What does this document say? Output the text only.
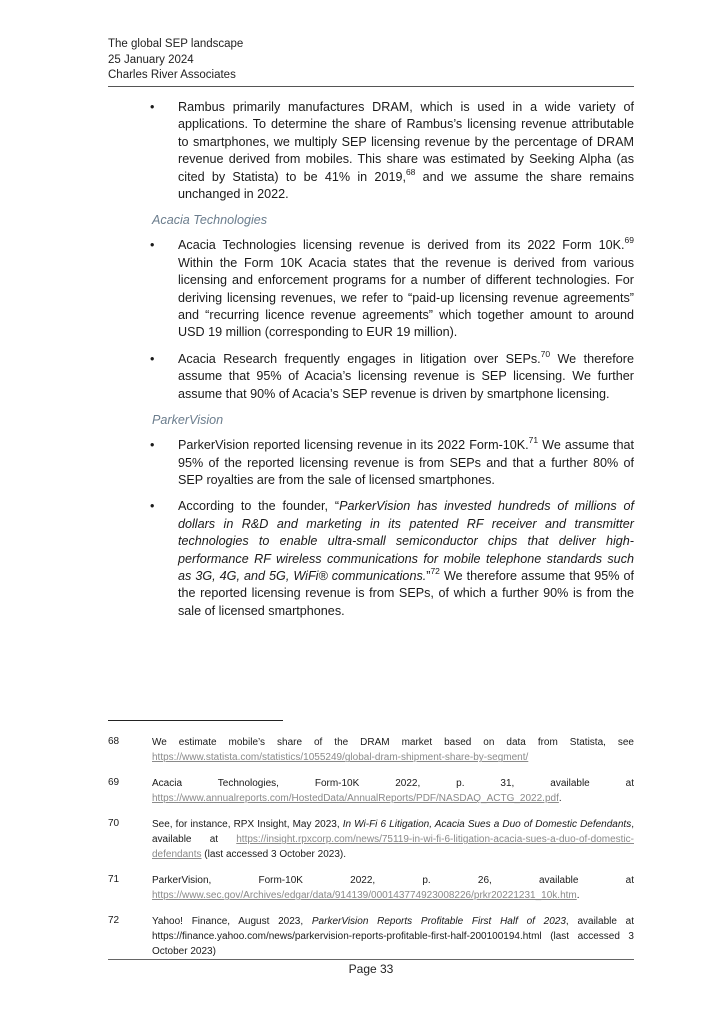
The global SEP landscape
25 January 2024
Charles River Associates
• Rambus primarily manufactures DRAM, which is used in a wide variety of applications. To determine the share of Rambus’s licensing revenue attributable to smartphones, we multiply SEP licensing revenue by the percentage of DRAM revenue derived from mobiles. This share was estimated by Seeking Alpha (as cited by Statista) to be 41% in 2019,68 and we assume the share remains unchanged in 2022.
Acacia Technologies
• Acacia Technologies licensing revenue is derived from its 2022 Form 10K.$^{69}$ Within the Form 10K Acacia states that the revenue is derived from various licensing and enforcement programs for a number of different technologies. For deriving licensing revenues, we refer to “paid-up licensing revenue agreements” and “recurring licence revenue agreements” which together amount to around USD 19 million (corresponding to EUR 19 million).
• Acacia Research frequently engages in litigation over SEPs.$^{70}$ We therefore assume that 95% of Acacia’s licensing revenue is SEP licensing. We further assume that 90% of Acacia’s SEP revenue is driven by smartphone licensing.
ParkerVision
• ParkerVision reported licensing revenue in its 2022 Form-10K.$^{71}$ We assume that 95% of the reported licensing revenue is from SEPs and that a further 80% of SEP royalties are from the sale of licensed smartphones.
• According to the founder, “ParkerVision has invested hundreds of millions of dollars in R&D and marketing in its patented RF receiver and transmitter technologies to enable ultra-small semiconductor chips that deliver high-performance RF wireless communications for mobile telephone standards such as 3G, 4G, and 5G, WiFi® communications.”$^{72}$ We therefore assume that 95% of the reported licensing revenue is from SEPs, of which a further 90% is from the sale of licensed smartphones.
68	We estimate mobile’s share of the DRAM market based on data from Statista, see https://www.statista.com/statistics/1055249/global-dram-shipment-share-by-segment/
69	Acacia Technologies, Form-10K 2022, p. 31, available at https://www.annualreports.com/HostedData/AnnualReports/PDF/NASDAQ_ACTG_2022.pdf.
70	See, for instance, RPX Insight, May 2023, In Wi-Fi 6 Litigation, Acacia Sues a Duo of Domestic Defendants, available at https://insight.rpxcorp.com/news/75119-in-wi-fi-6-litigation-acacia-sues-a-duo-of-domestic-defendants (last accessed 3 October 2023).
71	ParkerVision, Form-10K 2022, p. 26, available at https://www.sec.gov/Archives/edgar/data/914139/000143774923008226/prkr20221231_10k.htm.
72	Yahoo! Finance, August 2023, ParkerVision Reports Profitable First Half of 2023, available at https://finance.yahoo.com/news/parkervision-reports-profitable-first-half-200100194.html (last accessed 3 October 2023)
Page 33
